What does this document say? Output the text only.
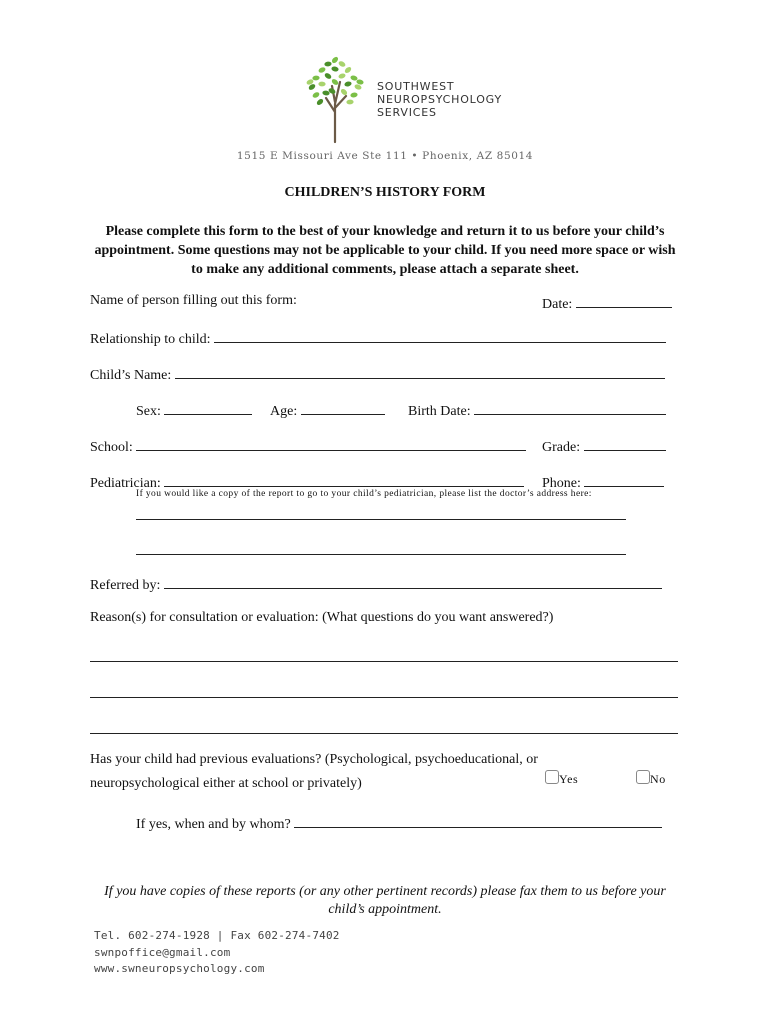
SOUTHWEST
NEUROPSYCHOLOGY
SERVICES
1515 E Missouri Ave Ste 111 • Phoenix, AZ 85014
CHILDREN’S HISTORY FORM
Please complete this form to the best of your knowledge and return it to us before your child’s appointment. Some questions may not be applicable to your child. If you need more space or wish to make any additional comments, please attach a separate sheet.
Name of person filling out this form:	Date:
Relationship to child:
Child’s Name:
Sex:	Age:	Birth Date:
School:	Grade:
Pediatrician:	Phone:
If you would like a copy of the report to go to your child’s pediatrician, please list the doctor’s address here:
Referred by:
Reason(s) for consultation or evaluation: (What questions do you want answered?)
Has your child had previous evaluations? (Psychological, psychoeducational, or
neuropsychological either at school or privately)	Yes	No
If yes, when and by whom?
If you have copies of these reports (or any other pertinent records) please fax them to us before your child’s appointment.
Tel. 602-274-1928 | Fax 602-274-7402
swnpoffice@gmail.com
www.swneuropsychology.com
